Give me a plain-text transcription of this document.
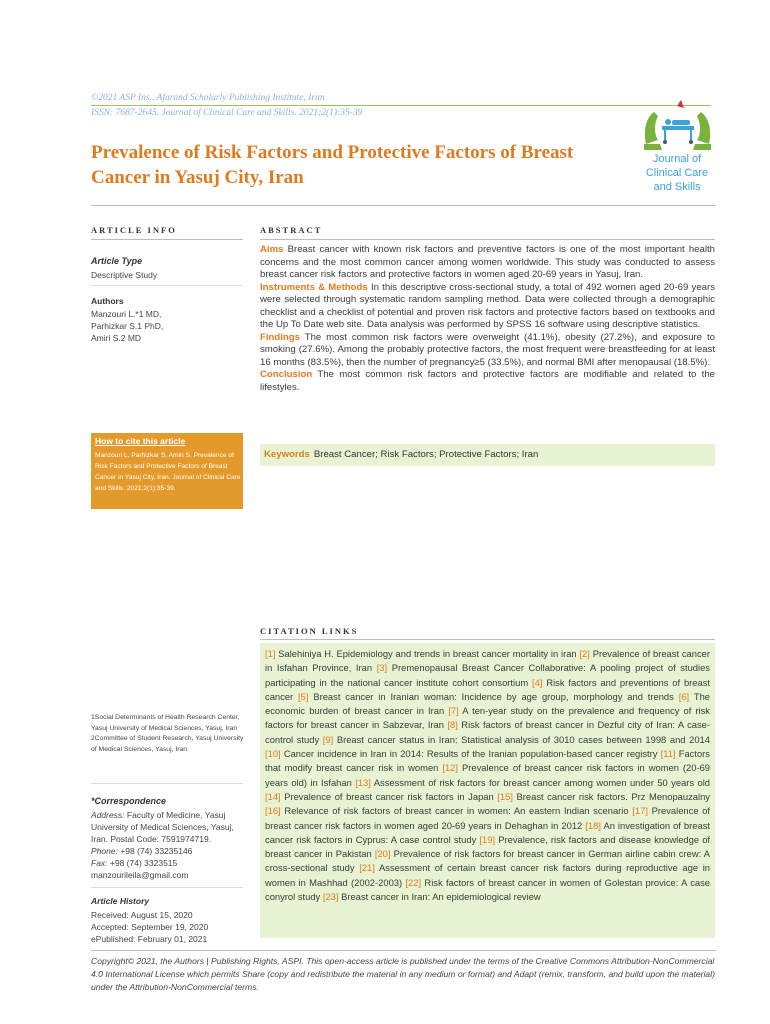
©2021 ASP Ins., Afarand Scholarly Publishing Institute, Iran
ISSN: 7687-2645. Journal of Clinical Care and Skills. 2021;2(1):35-39
Journal of
Clinical Care
and Skills
Prevalence of Risk Factors and Protective Factors of Breast Cancer in Yasuj City, Iran
ARTICLE INFO
Article Type
Descriptive Study
Authors
Manzouri L.*1 MD,
Parhizkar S.1 PhD,
Amiri S.2 MD
How to cite this article
Manzouri L, Parhizkar S, Amiri S. Prevalence of Risk Factors and Protective Factors of Breast Cancer in Yasuj City, Iran. Journal of Clinical Care and Skills. 2021;2(1):35-39.
ABSTRACT
Aims Breast cancer with known risk factors and preventive factors is one of the most important health concerns and the most common cancer among women worldwide. This study was conducted to assess breast cancer risk factors and protective factors in women aged 20-69 years in Yasuj, Iran.
Instruments & Methods In this descriptive cross-sectional study, a total of 492 women aged 20-69 years were selected through systematic random sampling method. Data were collected through a demographic checklist and a checklist of potential and proven risk factors and protective factors based on textbooks and the Up To Date web site. Data analysis was performed by SPSS 16 software using descriptive statistics.
Findings The most common risk factors were overweight (41.1%), obesity (27.2%), and exposure to smoking (27.6%). Among the probably protective factors, the most frequent were breastfeeding for at least 16 months (83.5%), then the number of pregnancy≥5 (33.5%), and normal BMI after menopausal (18.5%).
Conclusion The most common risk factors and protective factors are modifiable and related to the lifestyles.
Keywords Breast Cancer; Risk Factors; Protective Factors; Iran
CITATION LINKS
[1] Salehiniya H. Epidemiology and trends in breast cancer mortality in iran [2] Prevalence of breast cancer in Isfahan Province, Iran [3] Premenopausal Breast Cancer Collaborative: A pooling project of studies participating in the national cancer institute cohort consortium [4] Risk factors and preventions of breast cancer [5] Breast cancer in Iranian woman: Incidence by age group, morphology and trends [6] The economic burden of breast cancer in Iran [7] A ten-year study on the prevalence and frequency of risk factors for breast cancer in Sabzevar, Iran [8] Risk factors of breast cancer in Dezful city of Iran: A case-control study [9] Breast cancer status in Iran: Statistical analysis of 3010 cases between 1998 and 2014 [10] Cancer incidence in Iran in 2014: Results of the Iranian population-based cancer registry [11] Factors that modify breast cancer risk in women [12] Prevalence of breast cancer risk factors in women (20-69 years old) in Isfahan [13] Assessment of risk factors for breast cancer among women under 50 years old [14] Prevalence of breast cancer risk factors in Japan [15] Breast cancer risk factors. Prz Menopauzalny [16] Relevance of risk factors of breast cancer in women: An eastern Indian scenario [17] Prevalence of breast cancer risk factors in women aged 20-69 years in Dehaghan in 2012 [18] An investigation of breast cancer risk factors in Cyprus: A case control study [19] Prevalence, risk factors and disease knowledge of breast cancer in Pakistan [20] Prevalence of risk factors for breast cancer in German airline cabin crew: A cross-sectional study [21] Assessment of certain breast cancer risk factors during reproductive age in women in Mashhad (2002-2003) [22] Risk factors of breast cancer in women of Golestan provice: A case conyrol study [23] Breast cancer in Iran: An epidemiological review
1Social Determinants of Health Research Center, Yasuj University of Medical Sciences, Yasuj, Iran
2Committee of Student Research, Yasuj University of Medical Sciences, Yasuj, Iran
*Correspondence
Address: Faculty of Medicine, Yasuj University of Medical Sciences, Yasuj, Iran. Postal Code: 7591974719.
Phone: +98 (74) 33235146
Fax: +98 (74) 3323515
manzourileila@gmail.com
Article History
Received: August 15, 2020
Accepted: September 19, 2020
ePublished: February 01, 2021
Copyright© 2021, the Authors | Publishing Rights, ASPI. This open-access article is published under the terms of the Creative Commons Attribution-NonCommercial 4.0 International License which permits Share (copy and redistribute the material in any medium or format) and Adapt (remix, transform, and build upon the material) under the Attribution-NonCommercial terms.
